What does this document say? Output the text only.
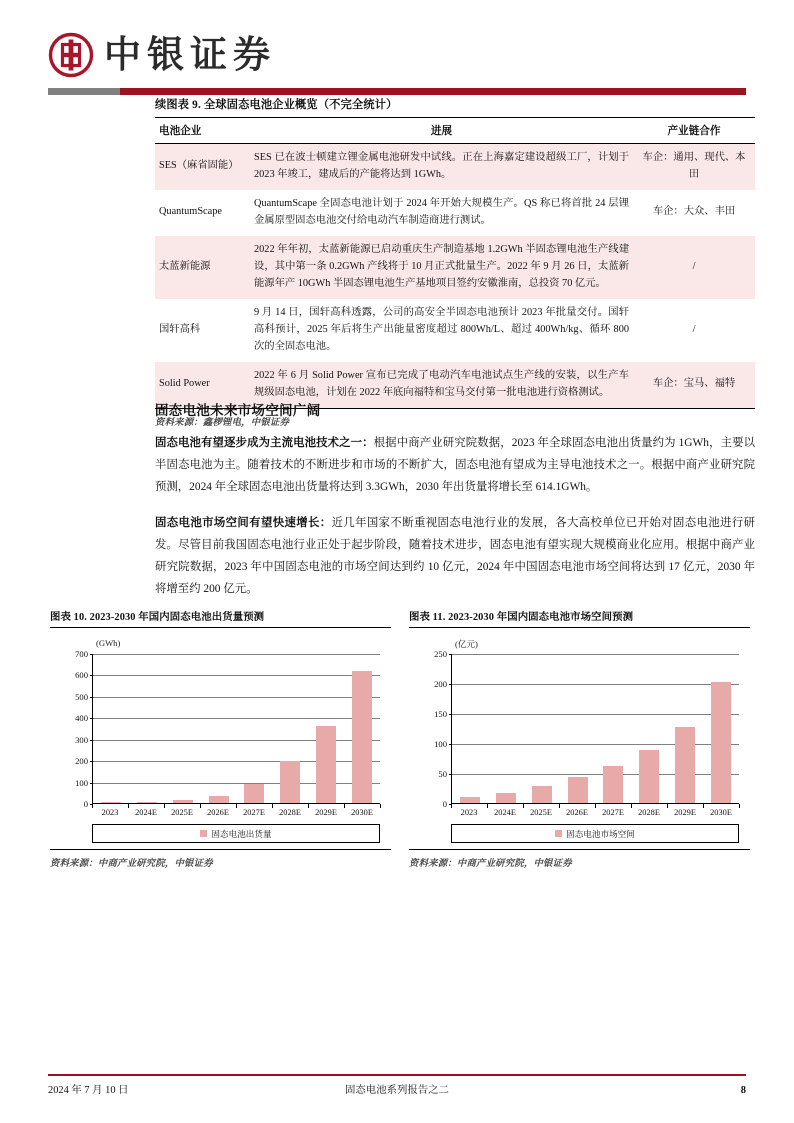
中银证券
续图表 9. 全球固态电池企业概览（不完全统计）
电池企业	进展	产业链合作
SES（麻省固能）	SES 已在波士顿建立锂金属电池研发中试线。正在上海嘉定建设超级工厂，计划于 2023 年竣工，建成后的产能将达到 1GWh。	车企：通用、现代、本田
QuantumScape	QuantumScape 全固态电池计划于 2024 年开始大规模生产。QS 称已将首批 24 层锂金属原型固态电池交付给电动汽车制造商进行测试。	车企：大众、丰田
太蓝新能源	2022 年年初，太蓝新能源已启动重庆生产制造基地 1.2GWh 半固态锂电池生产线建设，其中第一条 0.2GWh 产线将于 10 月正式批量生产。2022 年 9 月 26 日，太蓝新能源年产 10GWh 半固态锂电池生产基地项目签约安徽淮南，总投资 70 亿元。	/
国轩高科	9 月 14 日，国轩高科透露，公司的高安全半固态电池预计 2023 年批量交付。国轩高科预计，2025 年后将生产出能量密度超过 800Wh/L、超过 400Wh/kg、循环 800 次的全固态电池。	/
Solid Power	2022 年 6 月 Solid Power 宣布已完成了电动汽车电池试点生产线的安装，以生产车规级固态电池，计划在 2022 年底向福特和宝马交付第一批电池进行资格测试。	车企：宝马、福特
资料来源：鑫椤锂电，中银证券
固态电池未来市场空间广阔

固态电池有望逐步成为主流电池技术之一：根据中商产业研究院数据，2023 年全球固态电池出货量约为 1GWh，主要以半固态电池为主。随着技术的不断进步和市场的不断扩大，固态电池有望成为主导电池技术之一。根据中商产业研究院预测，2024 年全球固态电池出货量将达到 3.3GWh，2030 年出货量将增长至 614.1GWh。

固态电池市场空间有望快速增长：近几年国家不断重视固态电池行业的发展，各大高校单位已开始对固态电池进行研发。尽管目前我国固态电池行业正处于起步阶段，随着技术进步，固态电池有望实现大规模商业化应用。根据中商产业研究院数据，2023 年中国固态电池的市场空间达到约 10 亿元，2024 年中国固态电池市场空间将达到 17 亿元，2030 年将增至约 200 亿元。

图表 10. 2023-2030 年国内固态电池出货量预测
(GWh)
0
100
200
300
400
500
600
700
2023	2024E	2025E	2026E	2027E	2028E	2029E	2030E
固态电池出货量
资料来源：中商产业研究院，中银证券
图表 11. 2023-2030 年国内固态电池市场空间预测
(亿元)
0
50
100
150
200
250
2023	2024E	2025E	2026E	2027E	2028E	2029E	2030E
固态电池市场空间
资料来源：中商产业研究院，中银证券
2024 年 7 月 10 日	固态电池系列报告之二	8
